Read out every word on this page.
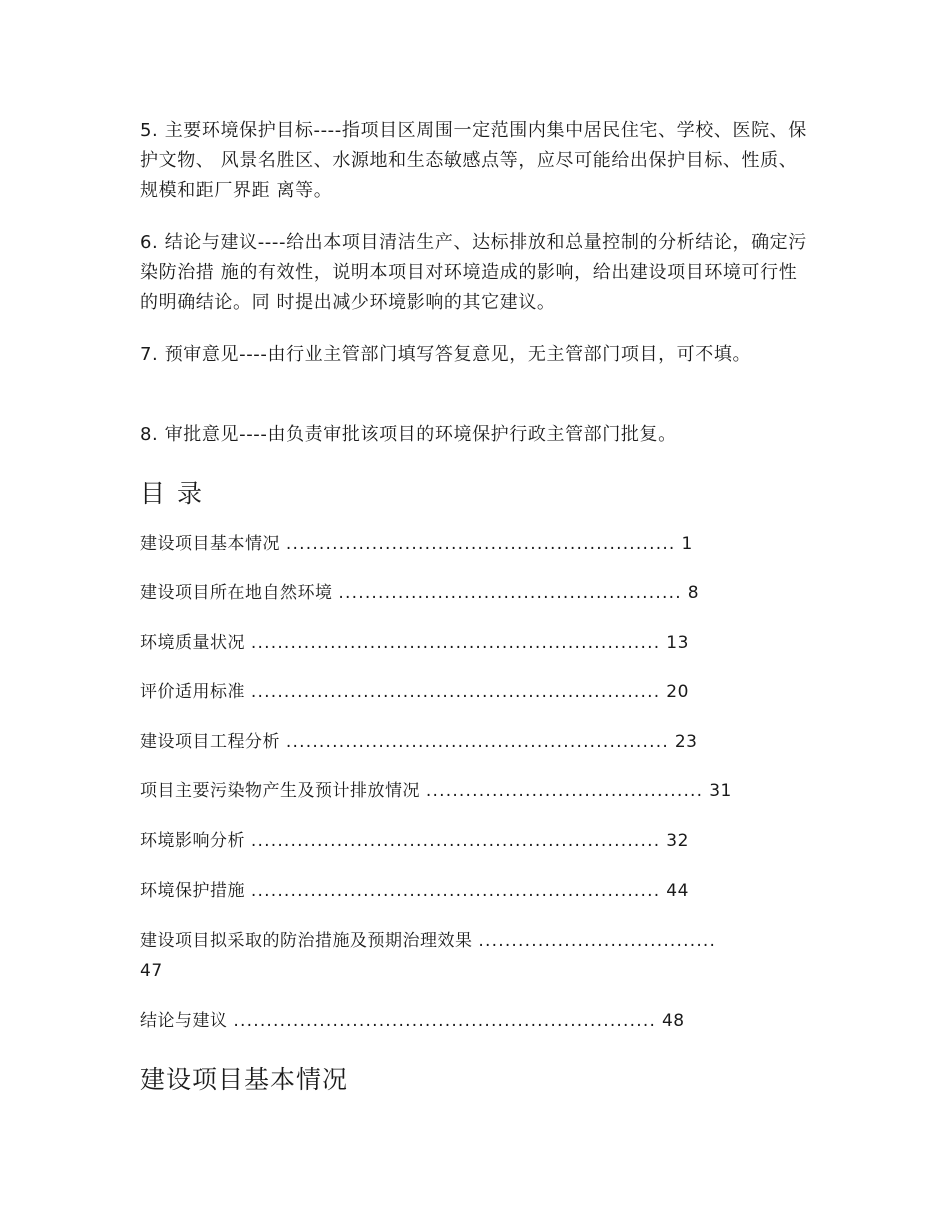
5. 主要环境保护目标----指项目区周围一定范围内集中居民住宅、学校、医院、保护文物、 风景名胜区、水源地和生态敏感点等，应尽可能给出保护目标、性质、规模和距厂界距 离等。

6. 结论与建议----给出本项目清洁生产、达标排放和总量控制的分析结论，确定污染防治措 施的有效性，说明本项目对环境造成的影响，给出建设项目环境可行性的明确结论。同 时提出减少环境影响的其它建议。

7. 预审意见----由行业主管部门填写答复意见，无主管部门项目，可不填。

8. 审批意见----由负责审批该项目的环境保护行政主管部门批复。

目 录
建设项目基本情况 ........................................................... 1
建设项目所在地自然环境 .................................................... 8
环境质量状况 .............................................................. 13
评价适用标准 .............................................................. 20
建设项目工程分析 .......................................................... 23
项目主要污染物产生及预计排放情况 .......................................... 31
环境影响分析 .............................................................. 32
环境保护措施 .............................................................. 44
建设项目拟采取的防治措施及预期治理效果 ....................................
47
结论与建议 ................................................................ 48
建设项目基本情况
